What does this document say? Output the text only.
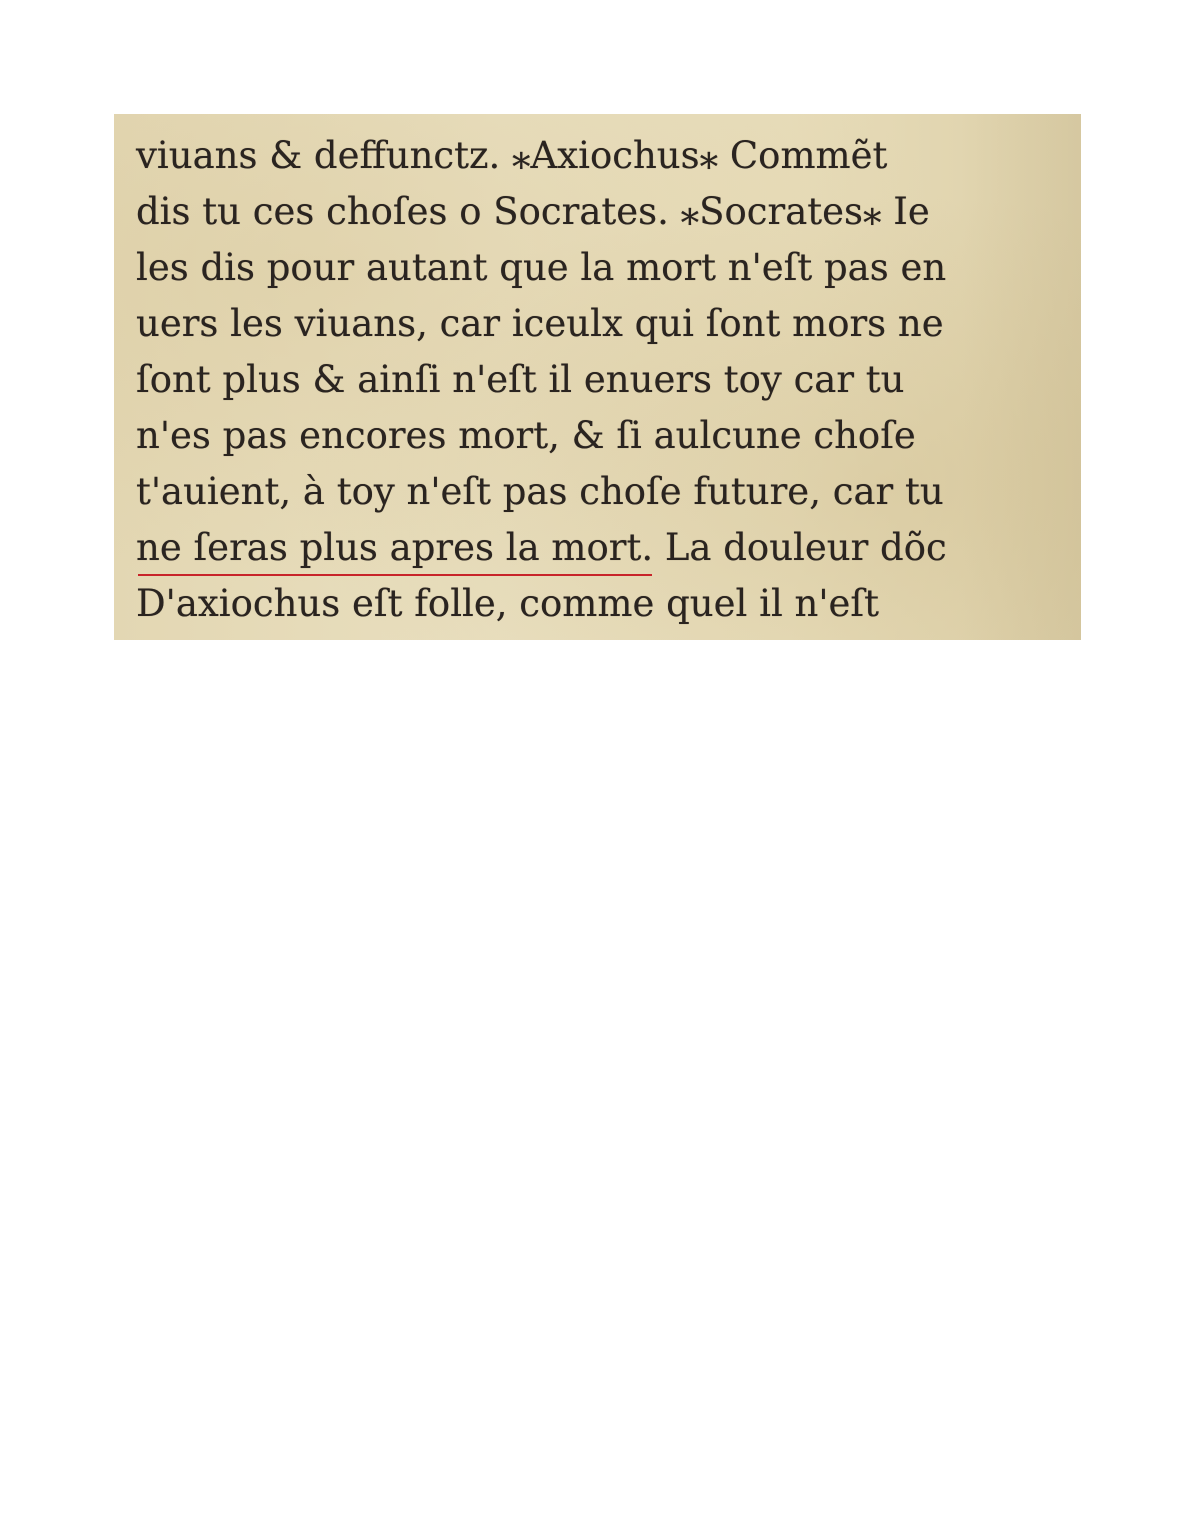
viuans & deffunctz. ⁎Axiochus⁎ Commẽt
dis tu ces choſes o Socrates. ⁎Socrates⁎ Ie
les dis pour autant que la mort n'eſt pas en
uers les viuans, car iceulx qui ſont mors ne
ſont plus & ainſi n'eſt il enuers toy car tu
n'es pas encores mort, & ſi aulcune choſe
t'auient, à toy n'eſt pas choſe future, car tu
ne ſeras plus apres la mort. La douleur dõc
D'axiochus eſt folle, comme quel il n'eſt
